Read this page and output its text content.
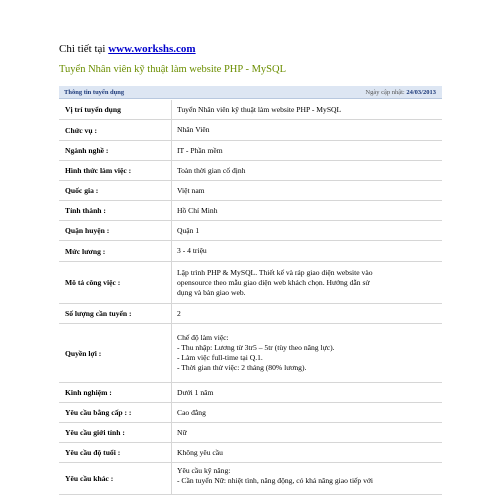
Chi tiết tại www.workshs.com
Tuyển Nhân viên kỹ thuật làm website PHP - MySQL
Thông tin tuyển dụng	Ngày cập nhật: 24/03/2013
Vị trí tuyển dụng	Tuyển Nhân viên kỹ thuật làm website PHP - MySQL
Chức vụ :	Nhân Viên
Ngành nghề :	IT - Phần mềm
Hình thức làm việc :	Toàn thời gian cố định
Quốc gia :	Việt nam
Tỉnh thành :	Hồ Chí Minh
Quận huyện :	Quận 1
Mức lương :	3 - 4 triệu
Mô tả công việc :
Lập trình PHP & MySQL. Thiết kế và ráp giao diện website vào
opensource theo mẫu giao diện web khách chọn. Hướng dẫn sử
dụng và bàn giao web.
Số lượng cần tuyển :	2
Quyền lợi :
Chế độ làm việc:
- Thu nhập: Lương từ 3tr5 – 5tr (tùy theo năng lực).
- Làm việc full-time tại Q.1.
- Thời gian thử việc: 2 tháng (80% lương).
Kinh nghiệm :	Dưới 1 năm
Yêu cầu bằng cấp : :	Cao đẳng
Yêu cầu giới tính :	Nữ
Yêu cầu độ tuổi :	Không yêu cầu
Yêu cầu khác :
Yêu cầu kỹ năng:
- Cần tuyển Nữ: nhiệt tình, năng động, có khả năng giao tiếp với
